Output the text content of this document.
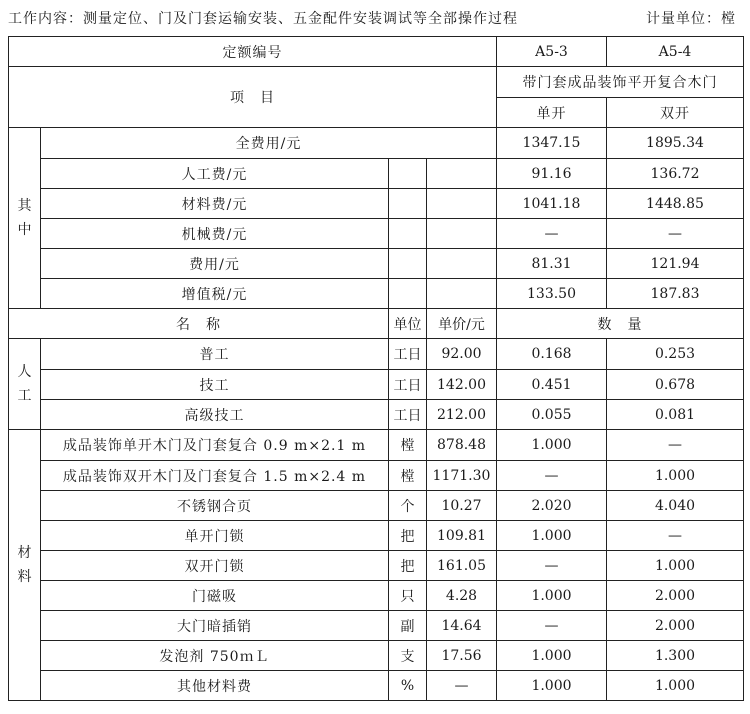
工作内容：测量定位、门及门套运输安装、五金配件安装调试等全部操作过程	计量单位：樘
定额编号				A5-3	A5-4
项　目				带门套成品装饰平开复合木门	
				单开	双开
其中	全费用/元			1347.15	1895.34
	人工费/元			91.16	136.72
	材料费/元			1041.18	1448.85
	机械费/元			—	—
	费用/元			81.31	121.94
	增值税/元			133.50	187.83
名　称		单位	单价/元	数　量	
人工	普工	工日	92.00	0.168	0.253
	技工	工日	142.00	0.451	0.678
	高级技工	工日	212.00	0.055	0.081
材料	成品装饰单开木门及门套复合 0.9 m×2.1 m	樘	878.48	1.000	—
	成品装饰双开木门及门套复合 1.5 m×2.4 m	樘	1171.30	—	1.000
	不锈钢合页	个	10.27	2.020	4.040
	单开门锁	把	109.81	1.000	—
	双开门锁	把	161.05	—	1.000
	门磁吸	只	4.28	1.000	2.000
	大门暗插销	副	14.64	—	2.000
	发泡剂 750ｍＬ	支	17.56	1.000	1.300
	其他材料费	%	—	1.000	1.000
